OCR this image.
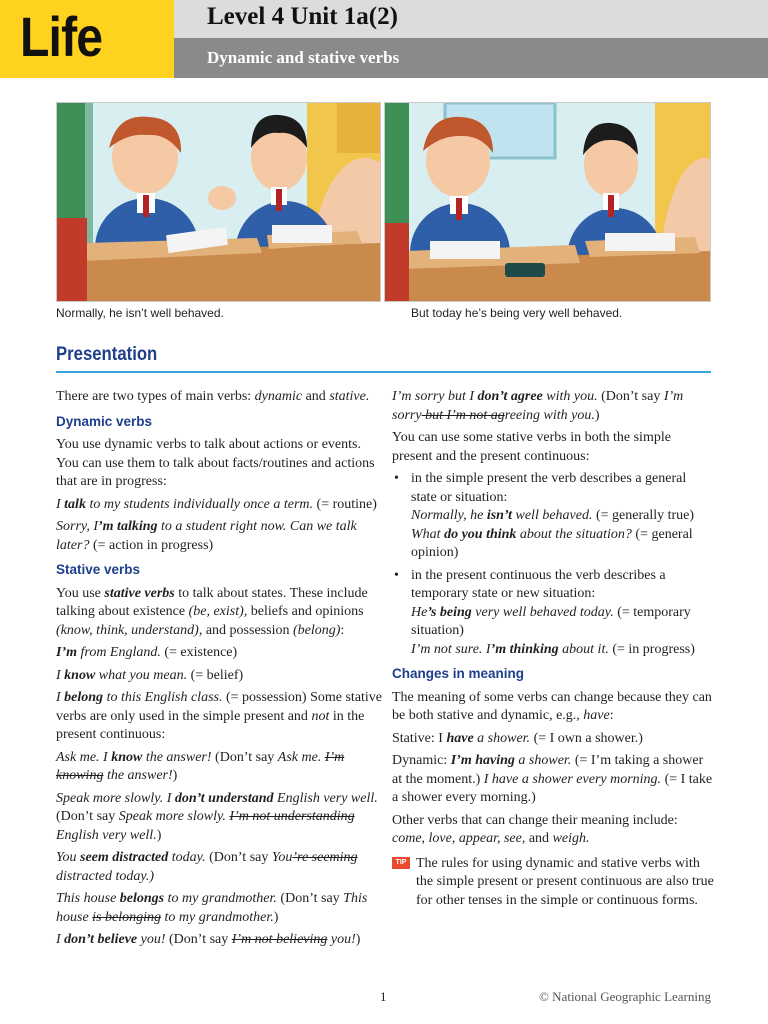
Life	Level 4 Unit 1a(2)
Dynamic and stative verbs
Normally, he isn’t well behaved.	But today he’s being very well behaved.
Presentation

There are two types of main verbs: dynamic and stative.

Dynamic verbs

You use dynamic verbs to talk about actions or events. You can use them to talk about facts/routines and actions that are in progress:

I talk to my students individually once a term. (= routine)

Sorry, I’m talking to a student right now. Can we talk later? (= action in progress)

Stative verbs

You use stative verbs to talk about states. These include talking about existence (be, exist), beliefs and opinions (know, think, understand), and possession (belong):

I’m from England. (= existence)

I know what you mean. (= belief)

I belong to this English class. (= possession) Some stative verbs are only used in the simple present and not in the present continuous:

Ask me. I know the answer! (Don’t say Ask me. I’m knowing the answer!)

Speak more slowly. I don’t understand English very well. (Don’t say Speak more slowly. I’m not understanding English very well.)

You seem distracted today. (Don’t say You’re seeming distracted today.)

This house belongs to my grandmother. (Don’t say This house is belonging to my grandmother.)

I don’t believe you! (Don’t say I’m not believing you!)

I’m sorry but I don’t agree with you. (Don’t say I’m sorry but I’m not agreeing with you.)

You can use some stative verbs in both the simple present and the present continuous:

• in the simple present the verb describes a general state or situation:
Normally, he isn’t well behaved. (= generally true)
What do you think about the situation? (= general opinion)
• in the present continuous the verb describes a temporary state or new situation:
He’s being very well behaved today. (= temporary situation)
I’m not sure. I’m thinking about it. (= in progress)
Changes in meaning

The meaning of some verbs can change because they can be both stative and dynamic, e.g., have:

Stative: I have a shower. (= I own a shower.)

Dynamic: I’m having a shower. (= I’m taking a shower at the moment.) I have a shower every morning. (= I take a shower every morning.)

Other verbs that can change their meaning include: come, love, appear, see, and weigh.

TIP The rules for using dynamic and stative verbs with the simple present or present continuous are also true for other tenses in the simple or continuous forms.
1	© National Geographic Learning
